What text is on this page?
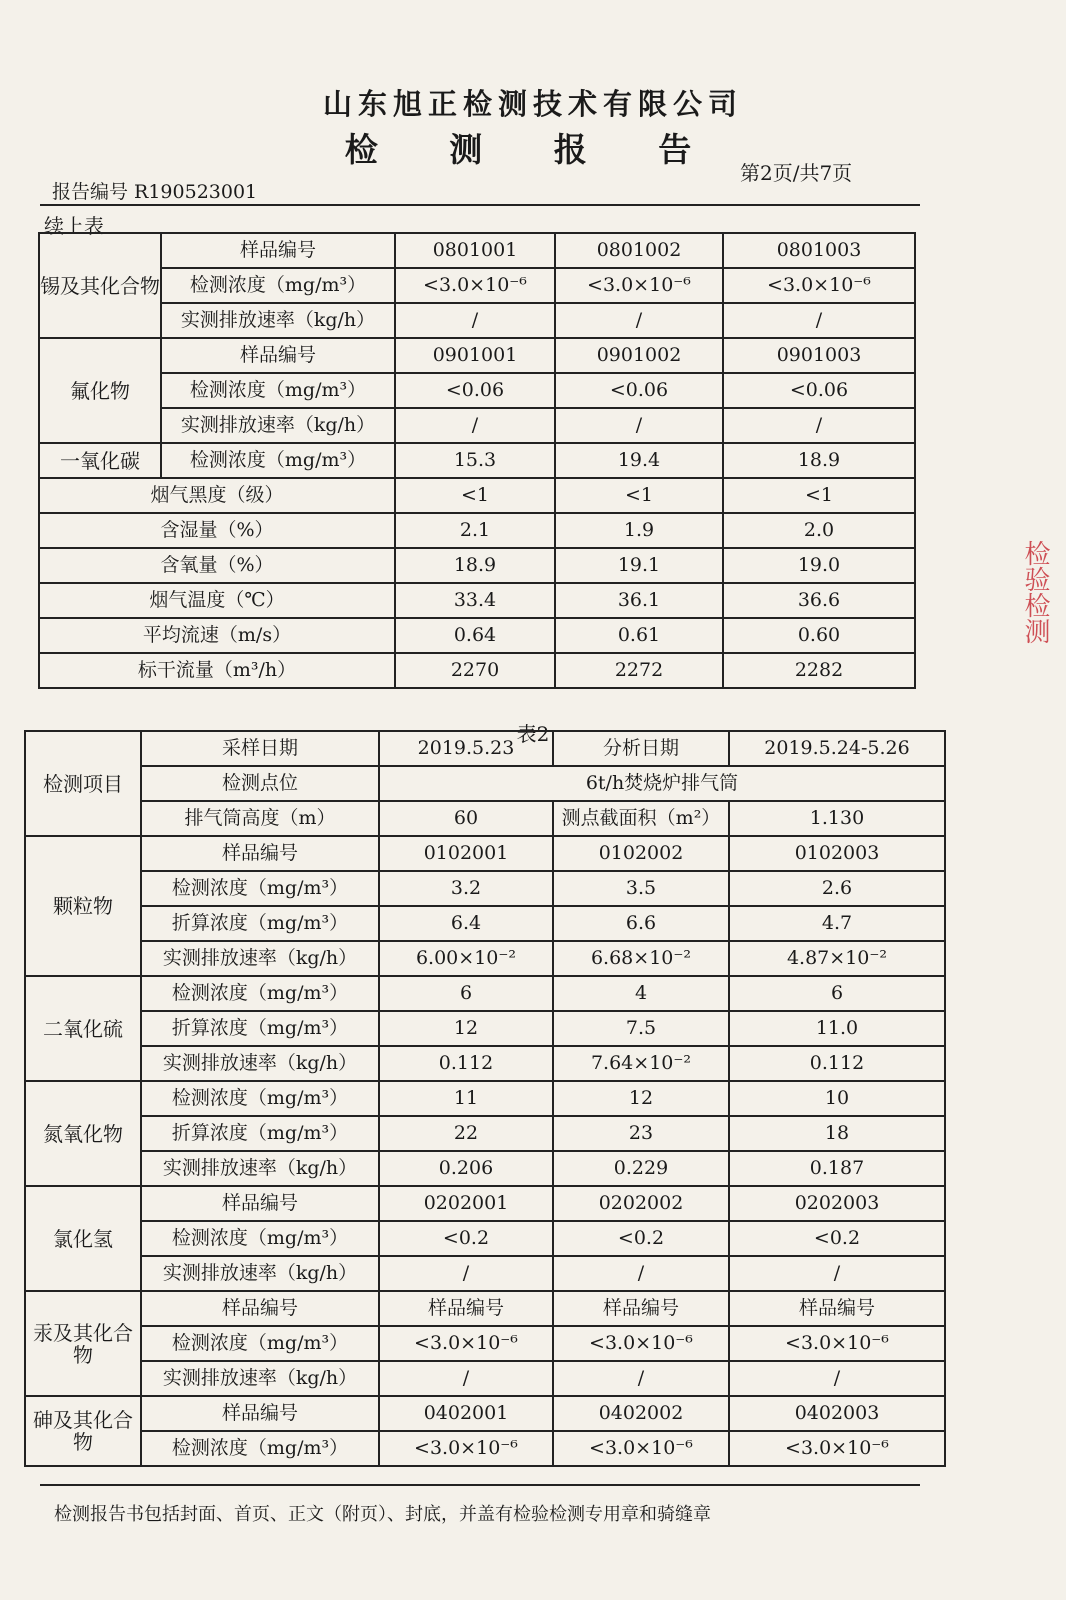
山东旭正检测技术有限公司
检 测 报 告
第2页/共7页
报告编号 R190523001
续上表
锡及其化合物	样品编号	0801001	0801002	0801003
	检测浓度（mg/m³）	<3.0×10⁻⁶	<3.0×10⁻⁶	<3.0×10⁻⁶
	实测排放速率（kg/h）	/	/	/
氟化物	样品编号	0901001	0901002	0901003
	检测浓度（mg/m³）	<0.06	<0.06	<0.06
	实测排放速率（kg/h）	/	/	/
一氧化碳	检测浓度（mg/m³）	15.3	19.4	18.9
烟气黑度（级）		<1	<1	<1
含湿量（%）		2.1	1.9	2.0
含氧量（%）		18.9	19.1	19.0
烟气温度（℃）		33.4	36.1	36.6
平均流速（m/s）		0.64	0.61	0.60
标干流量（m³/h）		2270	2272	2282
表2
检测项目	采样日期	2019.5.23	分析日期	2019.5.24-5.26
	检测点位	6t/h焚烧炉排气筒		
	排气筒高度（m）	60	测点截面积（m²）	1.130
颗粒物	样品编号	0102001	0102002	0102003
	检测浓度（mg/m³）	3.2	3.5	2.6
	折算浓度（mg/m³）	6.4	6.6	4.7
	实测排放速率（kg/h）	6.00×10⁻²	6.68×10⁻²	4.87×10⁻²
二氧化硫	检测浓度（mg/m³）	6	4	6
	折算浓度（mg/m³）	12	7.5	11.0
	实测排放速率（kg/h）	0.112	7.64×10⁻²	0.112
氮氧化物	检测浓度（mg/m³）	11	12	10
	折算浓度（mg/m³）	22	23	18
	实测排放速率（kg/h）	0.206	0.229	0.187
氯化氢	样品编号	0202001	0202002	0202003
	检测浓度（mg/m³）	<0.2	<0.2	<0.2
	实测排放速率（kg/h）	/	/	/
汞及其化合物	样品编号	样品编号	样品编号	样品编号
	检测浓度（mg/m³）	<3.0×10⁻⁶	<3.0×10⁻⁶	<3.0×10⁻⁶
	实测排放速率（kg/h）	/	/	/
砷及其化合物	样品编号	0402001	0402002	0402003
	检测浓度（mg/m³）	<3.0×10⁻⁶	<3.0×10⁻⁶	<3.0×10⁻⁶
检测报告书包括封面、首页、正文（附页）、封底，并盖有检验检测专用章和骑缝章
检验检测
